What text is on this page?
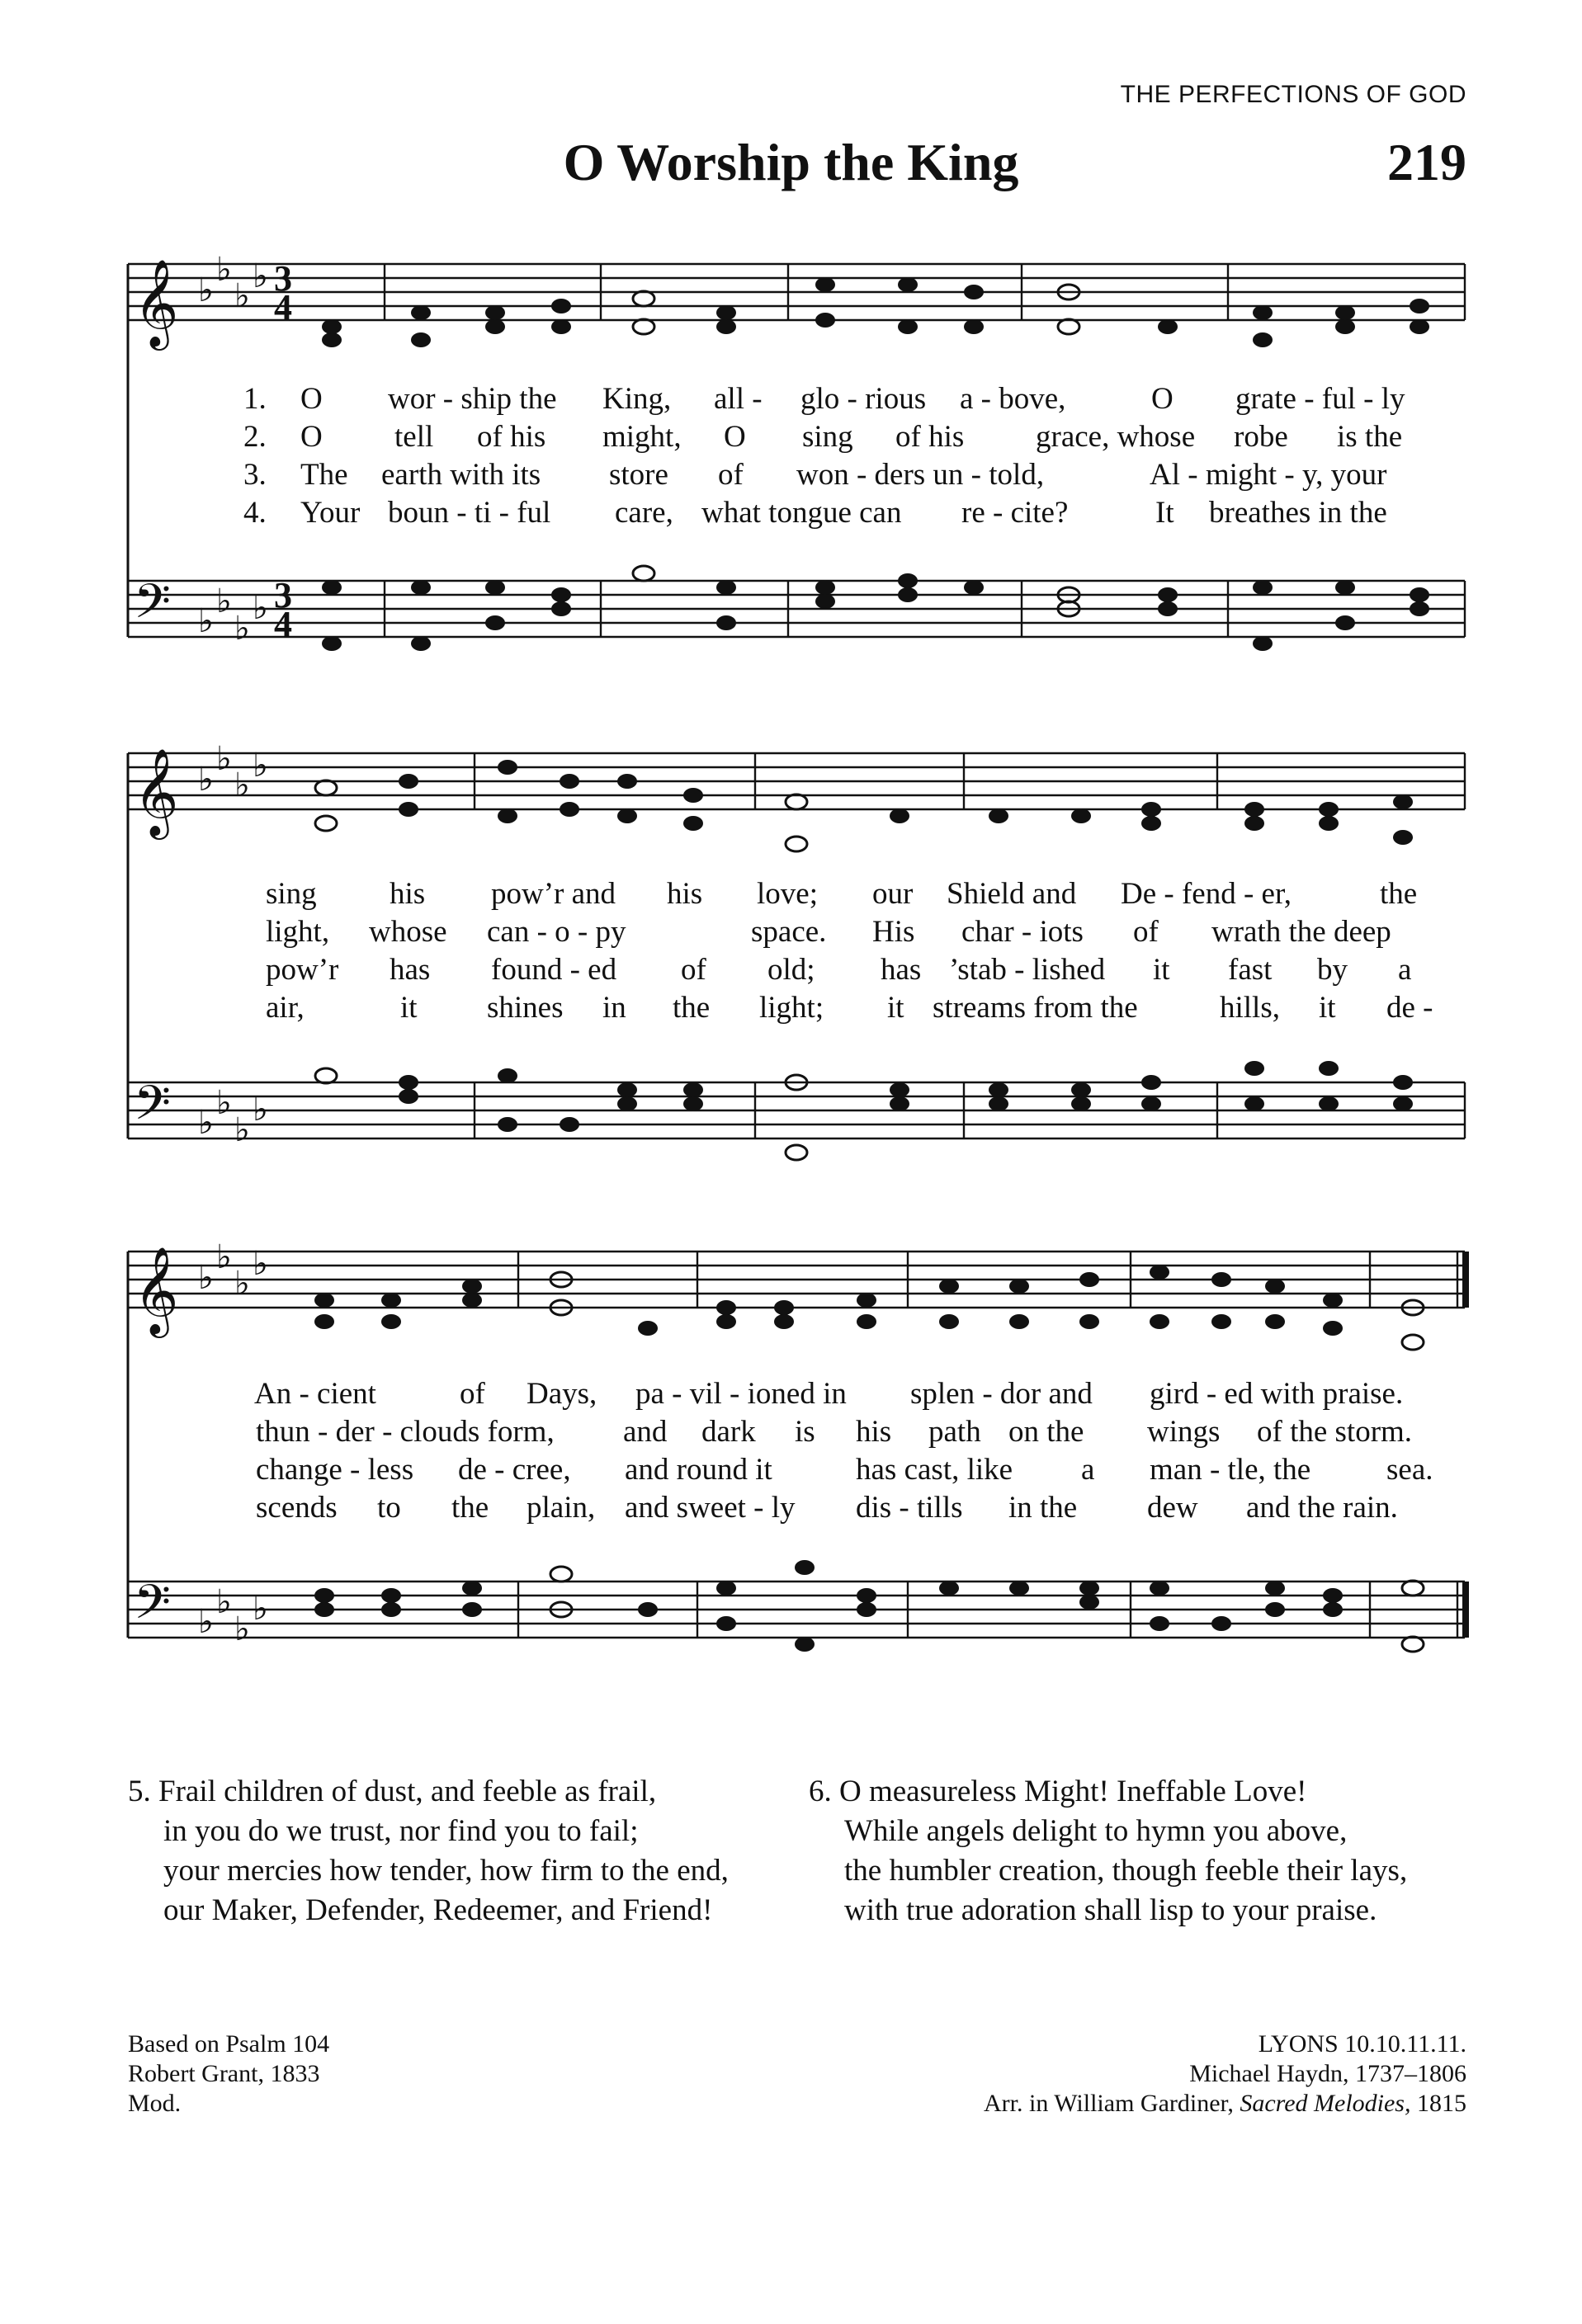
THE PERFECTIONS OF GOD
O Worship the King	219
𝄞
𝄢
♭
♭
♭
♭
♭
♭
♭
♭
3
4
3
4
1. O wor - ship the King, all - glo - rious a - bove,	O grate - ful - ly
2. O tell of his might, O sing of his grace, whose robe is the
3. The earth with its store of won - ders un - told,	Al - might - y, your
4. Your boun - ti - ful care, what tongue can re - cite?	It breathes in the
𝄞
𝄢
♭
♭
♭
♭
♭
♭
♭
♭
sing his pow’r and his love; our Shield and De - fend - er,	the
light, whose can - o - py	space. His char - iots of wrath the deep
pow’r has found - ed of old; has ’stab - lished it fast by a
air,	it shines in the light; it streams from the	hills, it de -
𝄞
𝄢
♭
♭
♭
♭
♭
♭
♭
♭
An - cient	of Days, pa - vil - ioned in splen - dor and gird - ed with praise.
thun - der - clouds form, and dark is his path on the wings of the storm.
change - less de - cree, and round it	has cast, like a man - tle, the sea.
scends to the plain, and sweet - ly dis - tills in the dew and the rain.
5. Frail children of dust, and feeble as frail,
in you do we trust, nor find you to fail;
your mercies how tender, how firm to the end,
our Maker, Defender, Redeemer, and Friend!
6. O measureless Might! Ineffable Love!
While angels delight to hymn you above,
the humbler creation, though feeble their lays,
with true adoration shall lisp to your praise.
Based on Psalm 104
Robert Grant, 1833
Mod.
LYONS 10.10.11.11.
Michael Haydn, 1737–1806
Arr. in William Gardiner, Sacred Melodies, 1815
